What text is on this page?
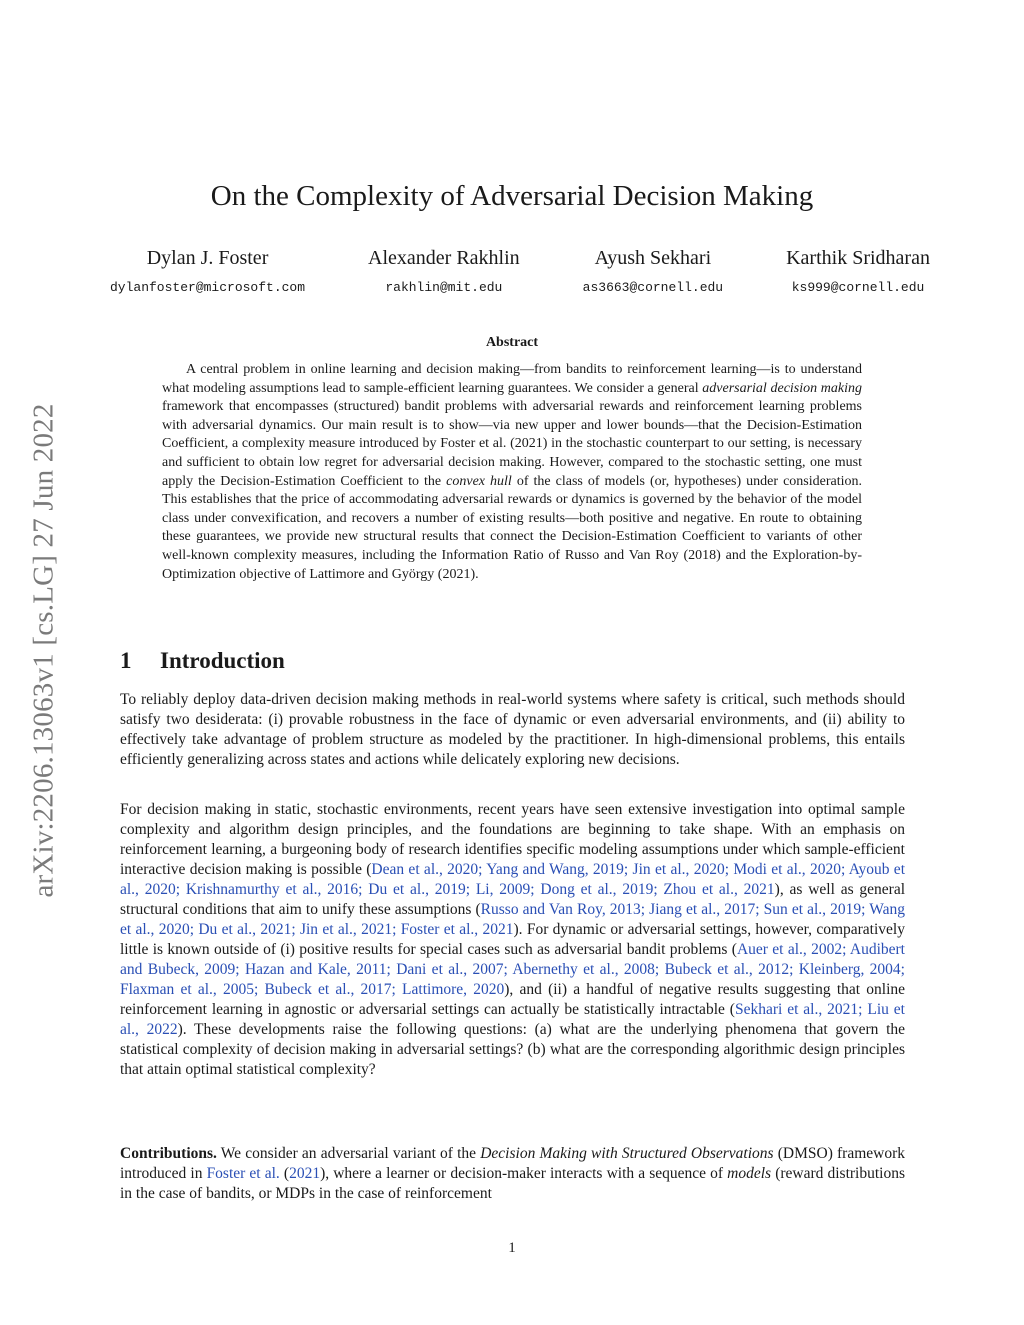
arXiv:2206.13063v1 [cs.LG] 27 Jun 2022
On the Complexity of Adversarial Decision Making
Dylan J. Foster
dylanfoster@microsoft.com
Alexander Rakhlin
rakhlin@mit.edu
Ayush Sekhari
as3663@cornell.edu
Karthik Sridharan
ks999@cornell.edu
Abstract

A central problem in online learning and decision making—from bandits to reinforcement learning—is to understand what modeling assumptions lead to sample-efficient learning guarantees. We consider a general adversarial decision making framework that encompasses (structured) bandit problems with adversarial rewards and reinforcement learning problems with adversarial dynamics. Our main result is to show—via new upper and lower bounds—that the Decision-Estimation Coefficient, a complexity measure introduced by Foster et al. (2021) in the stochastic counterpart to our setting, is necessary and sufficient to obtain low regret for adversarial decision making. However, compared to the stochastic setting, one must apply the Decision-Estimation Coefficient to the convex hull of the class of models (or, hypotheses) under consideration. This establishes that the price of accommodating adversarial rewards or dynamics is governed by the behavior of the model class under convexification, and recovers a number of existing results—both positive and negative. En route to obtaining these guarantees, we provide new structural results that connect the Decision-Estimation Coefficient to variants of other well-known complexity measures, including the Information Ratio of Russo and Van Roy (2018) and the Exploration-by-Optimization objective of Lattimore and György (2021).

1 Introduction

To reliably deploy data-driven decision making methods in real-world systems where safety is critical, such methods should satisfy two desiderata: (i) provable robustness in the face of dynamic or even adversarial environments, and (ii) ability to effectively take advantage of problem structure as modeled by the practitioner. In high-dimensional problems, this entails efficiently generalizing across states and actions while delicately exploring new decisions.

For decision making in static, stochastic environments, recent years have seen extensive investigation into optimal sample complexity and algorithm design principles, and the foundations are beginning to take shape. With an emphasis on reinforcement learning, a burgeoning body of research identifies specific modeling assumptions under which sample-efficient interactive decision making is possible (Dean et al., 2020; Yang and Wang, 2019; Jin et al., 2020; Modi et al., 2020; Ayoub et al., 2020; Krishnamurthy et al., 2016; Du et al., 2019; Li, 2009; Dong et al., 2019; Zhou et al., 2021), as well as general structural conditions that aim to unify these assumptions (Russo and Van Roy, 2013; Jiang et al., 2017; Sun et al., 2019; Wang et al., 2020; Du et al., 2021; Jin et al., 2021; Foster et al., 2021). For dynamic or adversarial settings, however, comparatively little is known outside of (i) positive results for special cases such as adversarial bandit problems (Auer et al., 2002; Audibert and Bubeck, 2009; Hazan and Kale, 2011; Dani et al., 2007; Abernethy et al., 2008; Bubeck et al., 2012; Kleinberg, 2004; Flaxman et al., 2005; Bubeck et al., 2017; Lattimore, 2020), and (ii) a handful of negative results suggesting that online reinforcement learning in agnostic or adversarial settings can actually be statistically intractable (Sekhari et al., 2021; Liu et al., 2022). These developments raise the following questions: (a) what are the underlying phenomena that govern the statistical complexity of decision making in adversarial settings? (b) what are the corresponding algorithmic design principles that attain optimal statistical complexity?

Contributions. We consider an adversarial variant of the Decision Making with Structured Observations (DMSO) framework introduced in Foster et al. (2021), where a learner or decision-maker interacts with a sequence of models (reward distributions in the case of bandits, or MDPs in the case of reinforcement

1
